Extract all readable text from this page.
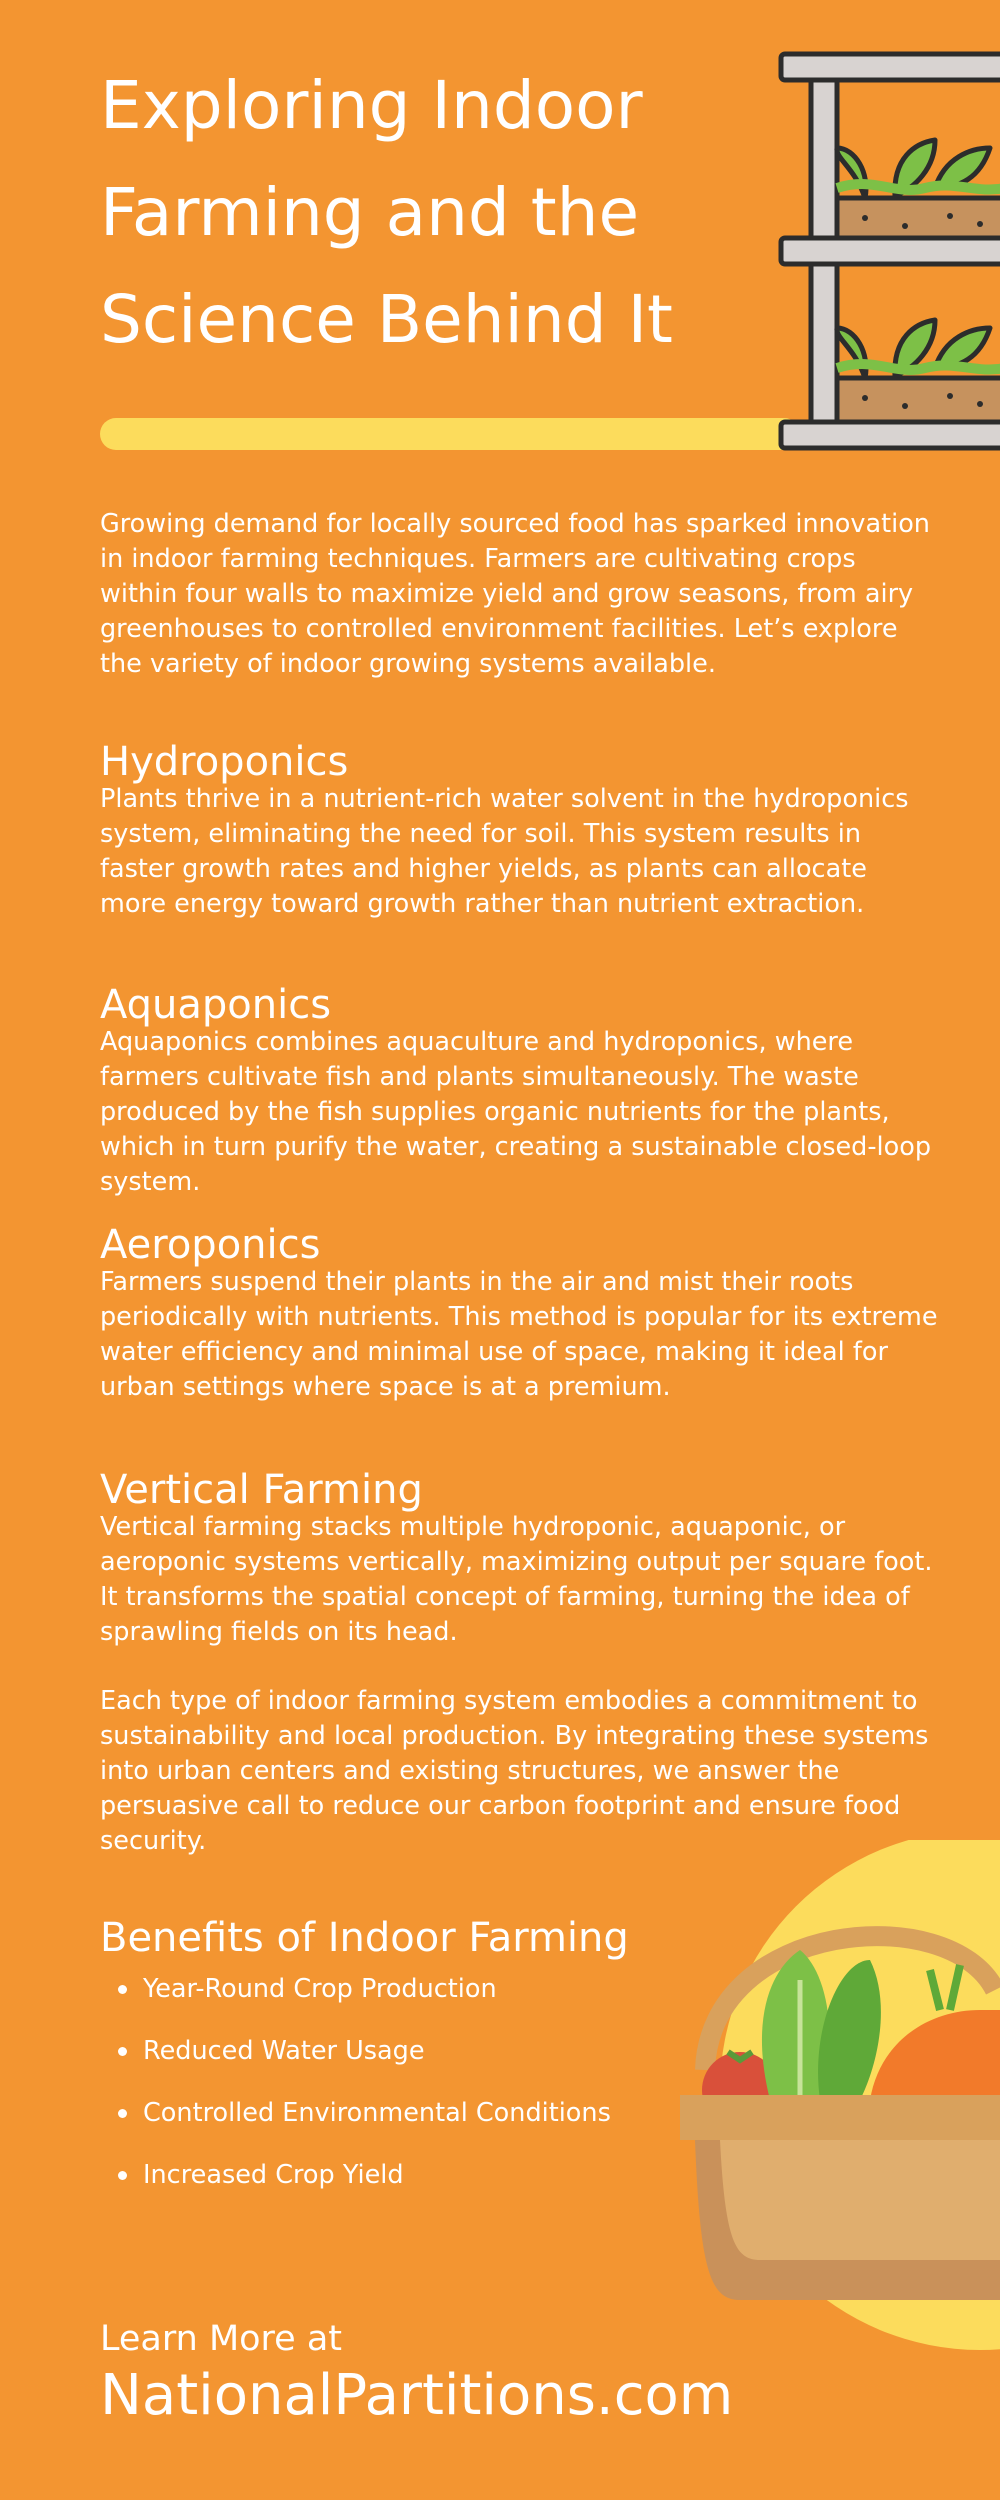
Exploring Indoor
Farming and the
Science Behind It

Growing demand for locally sourced food has sparked innovation in indoor farming techniques. Farmers are cultivating crops within four walls to maximize yield and grow seasons, from airy greenhouses to controlled environment facilities. Let’s explore the variety of indoor growing systems available.

Hydroponics

Plants thrive in a nutrient-rich water solvent in the hydroponics system, eliminating the need for soil. This system results in faster growth rates and higher yields, as plants can allocate more energy toward growth rather than nutrient extraction.

Aquaponics

Aquaponics combines aquaculture and hydroponics, where farmers cultivate fish and plants simultaneously. The waste produced by the fish supplies organic nutrients for the plants, which in turn purify the water, creating a sustainable closed-loop system.

Aeroponics

Farmers suspend their plants in the air and mist their roots periodically with nutrients. This method is popular for its extreme water efficiency and minimal use of space, making it ideal for urban settings where space is at a premium.

Vertical Farming

Vertical farming stacks multiple hydroponic, aquaponic, or aeroponic systems vertically, maximizing output per square foot. It transforms the spatial concept of farming, turning the idea of sprawling fields on its head.

Each type of indoor farming system embodies a commitment to sustainability and local production. By integrating these systems into urban centers and existing structures, we answer the persuasive call to reduce our carbon footprint and ensure food security.

Benefits of Indoor Farming
Year-Round Crop Production
Reduced Water Usage
Controlled Environmental Conditions
Increased Crop Yield

Learn More at

NationalPartitions.com
